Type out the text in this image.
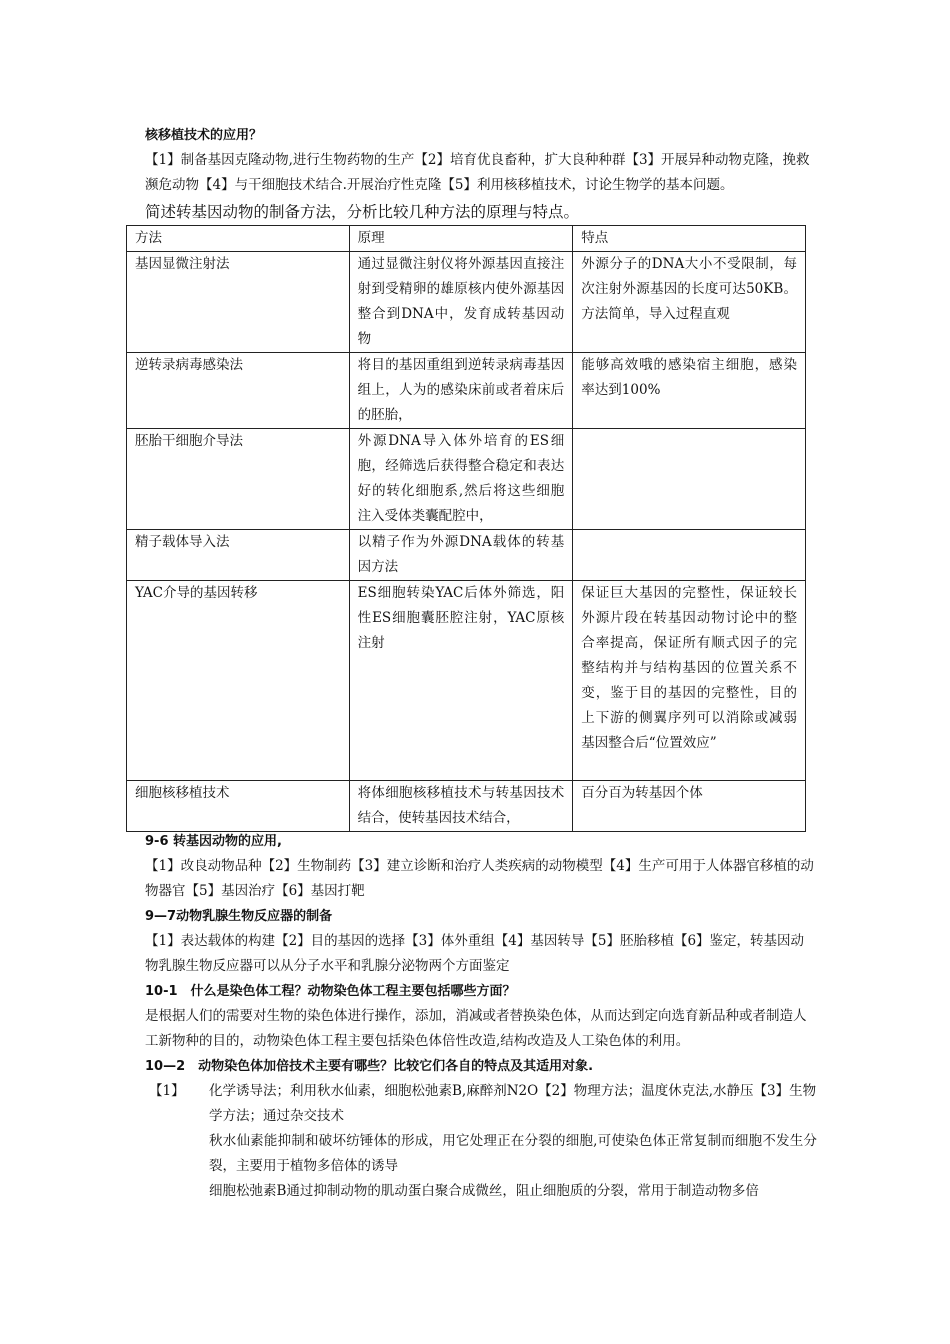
核移植技术的应用？
【1】制备基因克隆动物,进行生物药物的生产【2】培育优良畜种，扩大良种种群【3】开展异种动物克隆，挽救濒危动物【4】与干细胞技术结合.开展治疗性克隆【5】利用核移植技术，讨论生物学的基本问题。
简述转基因动物的制备方法，分析比较几种方法的原理与特点。
方法	原理	特点
基因显微注射法	通过显微注射仪将外源基因直接注射到受精卵的雄原核内使外源基因整合到DNA中，发育成转基因动物	外源分子的DNA大小不受限制，每次注射外源基因的长度可达50KB。方法简单，导入过程直观
逆转录病毒感染法	将目的基因重组到逆转录病毒基因组上，人为的感染床前或者着床后的胚胎，	能够高效哦的感染宿主细胞，感染率达到100%
胚胎干细胞介导法	外源DNA导入体外培育的ES细胞，经筛选后获得整合稳定和表达好的转化细胞系,然后将这些细胞注入受体类囊配腔中，	
精子载体导入法	以精子作为外源DNA载体的转基因方法	
YAC介导的基因转移	ES细胞转染YAC后体外筛选，阳性ES细胞囊胚腔注射，YAC原核注射	保证巨大基因的完整性，保证较长外源片段在转基因动物讨论中的整合率提高，保证所有顺式因子的完整结构并与结构基因的位置关系不变，鉴于目的基因的完整性，目的上下游的侧翼序列可以消除或减弱基因整合后“位置效应”
细胞核移植技术	将体细胞核移植技术与转基因技术结合，使转基因技术结合，	百分百为转基因个体
9-6 转基因动物的应用,
【1】改良动物品种【2】生物制药【3】建立诊断和治疗人类疾病的动物模型【4】生产可用于人体器官移植的动物器官【5】基因治疗【6】基因打靶
9—7动物乳腺生物反应器的制备
【1】表达载体的构建【2】目的基因的选择【3】体外重组【4】基因转导【5】胚胎移植【6】鉴定，转基因动物乳腺生物反应器可以从分子水平和乳腺分泌物两个方面鉴定
10-1　什么是染色体工程？动物染色体工程主要包括哪些方面？
是根据人们的需要对生物的染色体进行操作，添加，消减或者替换染色体，从而达到定向选育新品种或者制造人工新物种的目的，动物染色体工程主要包括染色体倍性改造,结构改造及人工染色体的利用。
10—2　动物染色体加倍技术主要有哪些？比较它们各自的特点及其适用对象.
【1】 化学诱导法；利用秋水仙素，细胞松弛素B,麻醉剂N2O【2】物理方法；温度休克法,水静压【3】生物学方法；通过杂交技术
秋水仙素能抑制和破坏纺锤体的形成，用它处理正在分裂的细胞,可使染色体正常复制而细胞不发生分裂，主要用于植物多倍体的诱导
细胞松弛素B通过抑制动物的肌动蛋白聚合成微丝，阻止细胞质的分裂，常用于制造动物多倍
